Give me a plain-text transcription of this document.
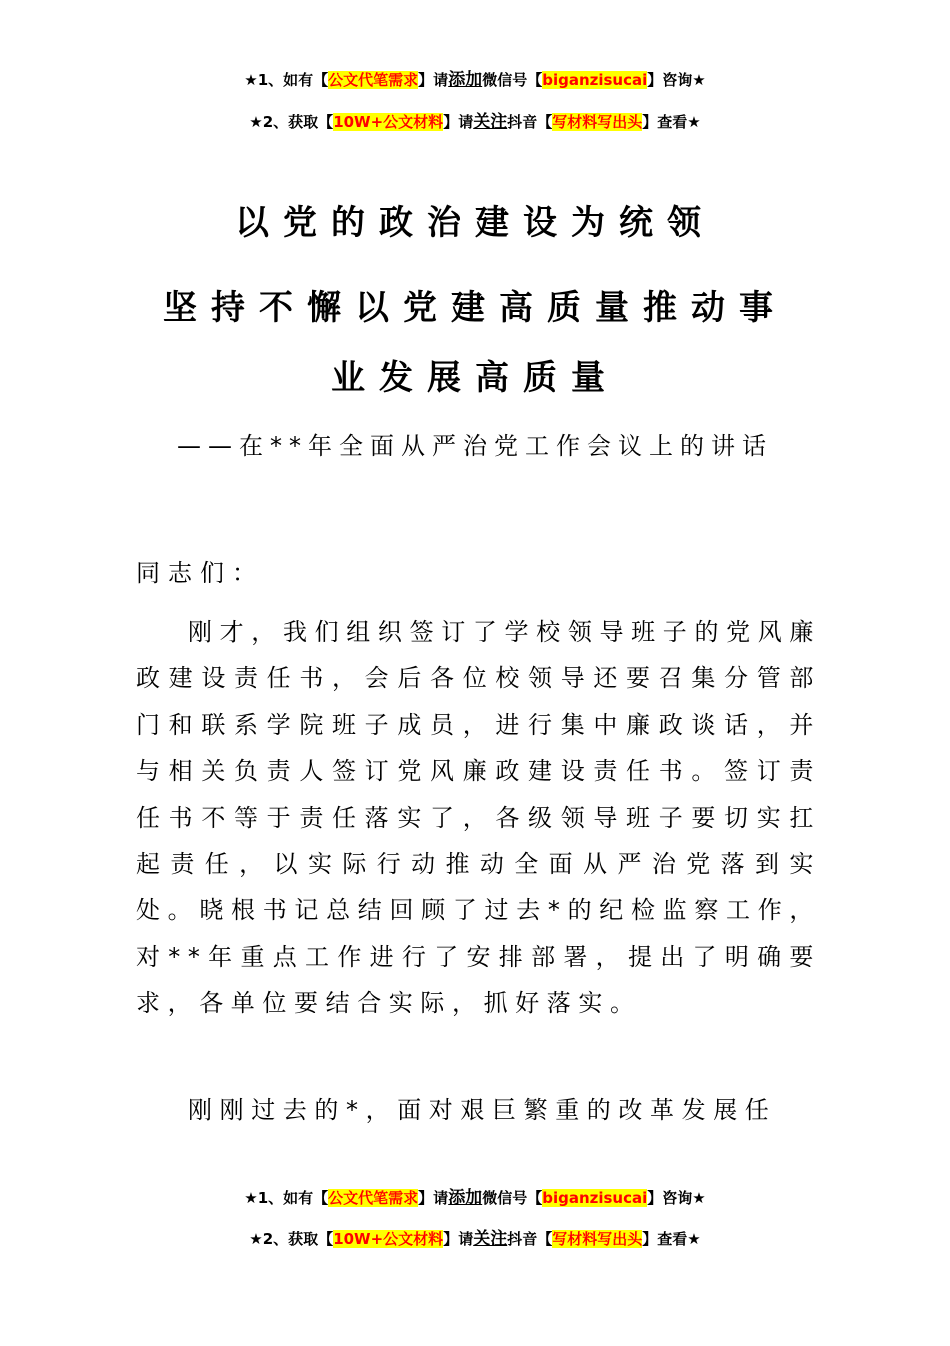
★1、如有【公文代笔需求】请添加微信号【biganzisucai】咨询★
★2、获取【10W+公文材料】请关注抖音【写材料写出头】查看★
以党的政治建设为统领
坚持不懈以党建高质量推动事
业发展高质量
——在**年全面从严治党工作会议上的讲话
同志们：

刚才，我们组织签订了学校领导班子的党风廉政建设责任书，会后各位校领导还要召集分管部门和联系学院班子成员，进行集中廉政谈话，并与相关负责人签订党风廉政建设责任书。签订责任书不等于责任落实了，各级领导班子要切实扛起责任，以实际行动推动全面从严治党落到实处。晓根书记总结回顾了过去*的纪检监察工作，对**年重点工作进行了安排部署，提出了明确要求，各单位要结合实际，抓好落实。

刚刚过去的*，面对艰巨繁重的改革发展任

★1、如有【公文代笔需求】请添加微信号【biganzisucai】咨询★
★2、获取【10W+公文材料】请关注抖音【写材料写出头】查看★
